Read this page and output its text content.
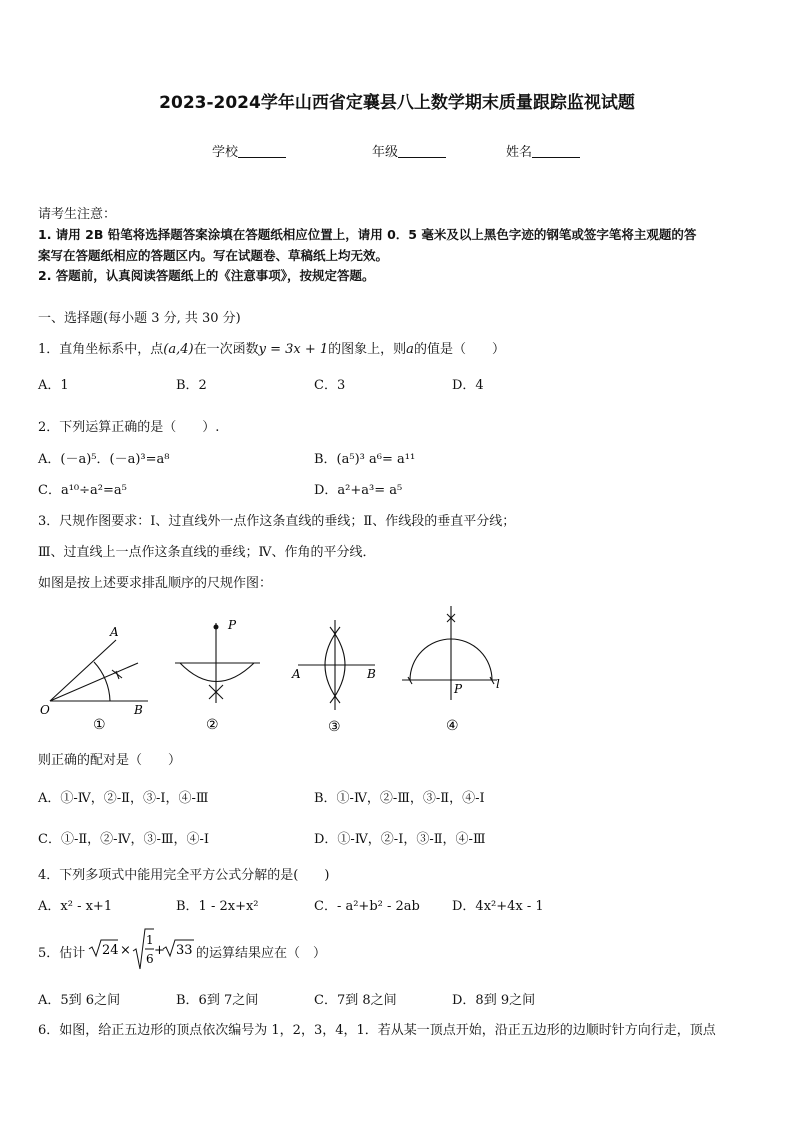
2023-2024学年山西省定襄县八上数学期末质量跟踪监视试题
学校	年级	姓名
请考生注意：
1. 请用 2B 铅笔将选择题答案涂填在答题纸相应位置上，请用 0．5 毫米及以上黑色字迹的钢笔或签字笔将主观题的答
案写在答题纸相应的答题区内。写在试题卷、草稿纸上均无效。
2. 答题前，认真阅读答题纸上的《注意事项》，按规定答题。
一、选择题(每小题 3 分, 共 30 分)
1．直角坐标系中，点(a,4)在一次函数y = 3x + 1的图象上，则a的值是（　　）
A．1	B．2	C．3	D．4
2．下列运算正确的是（　　）.
A．(－a)⁵．(－a)³=a⁸	B．(a⁵)³ a⁶= a¹¹
C．a¹⁰÷a²=a⁵	D．a²+a³= a⁵
3．尺规作图要求：Ⅰ、过直线外一点作这条直线的垂线；Ⅱ、作线段的垂直平分线；
Ⅲ、过直线上一点作这条直线的垂线；Ⅳ、作角的平分线．
如图是按上述要求排乱顺序的尺规作图：
A
O	B
P
A	B
P	l
①	②	③	④
则正确的配对是（　　）
A．①-Ⅳ，②-Ⅱ，③-Ⅰ，④-Ⅲ	B．①-Ⅳ，②-Ⅲ，③-Ⅱ，④-Ⅰ
C．①-Ⅱ，②-Ⅳ，③-Ⅲ，④-Ⅰ	D．①-Ⅳ，②-Ⅰ，③-Ⅱ，④-Ⅲ
4．下列多项式中能用完全平方公式分解的是(　　)
A．x² - x+1	B．1 - 2x+x²	C．- a²+b² - 2ab D．4x²+4x - 1
5．估计 24 ×
1
6
+ 33 的运算结果应在（　）
A．5到 6之间	B．6到 7之间	C．7到 8之间	D．8到 9之间
6．如图，给正五边形的顶点依次编号为 1，2，3，4，1．若从某一顶点开始，沿正五边形的边顺时针方向行走，顶点
